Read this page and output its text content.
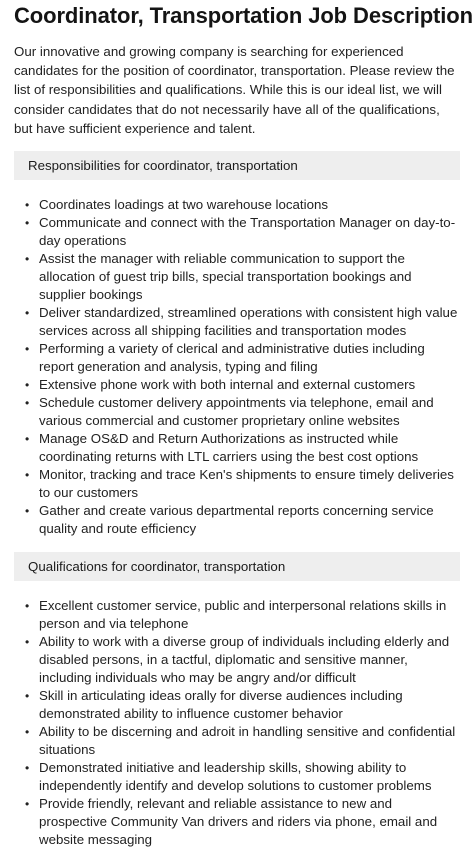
Coordinator, Transportation Job Description

Our innovative and growing company is searching for experienced candidates for the position of coordinator, transportation. Please review the list of responsibilities and qualifications. While this is our ideal list, we will consider candidates that do not necessarily have all of the qualifications, but have sufficient experience and talent.

Responsibilities for coordinator, transportation
• Coordinates loadings at two warehouse locations
• Communicate and connect with the Transportation Manager on day-to-day operations
• Assist the manager with reliable communication to support the allocation of guest trip bills, special transportation bookings and supplier bookings
• Deliver standardized, streamlined operations with consistent high value services across all shipping facilities and transportation modes
• Performing a variety of clerical and administrative duties including report generation and analysis, typing and filing
• Extensive phone work with both internal and external customers
• Schedule customer delivery appointments via telephone, email and various commercial and customer proprietary online websites
• Manage OS&D and Return Authorizations as instructed while coordinating returns with LTL carriers using the best cost options
• Monitor, tracking and trace Ken's shipments to ensure timely deliveries to our customers
• Gather and create various departmental reports concerning service quality and route efficiency
Qualifications for coordinator, transportation
• Excellent customer service, public and interpersonal relations skills in person and via telephone
• Ability to work with a diverse group of individuals including elderly and disabled persons, in a tactful, diplomatic and sensitive manner, including individuals who may be angry and/or difficult
• Skill in articulating ideas orally for diverse audiences including demonstrated ability to influence customer behavior
• Ability to be discerning and adroit in handling sensitive and confidential situations
• Demonstrated initiative and leadership skills, showing ability to independently identify and develop solutions to customer problems
• Provide friendly, relevant and reliable assistance to new and prospective Community Van drivers and riders via phone, email and website messaging
